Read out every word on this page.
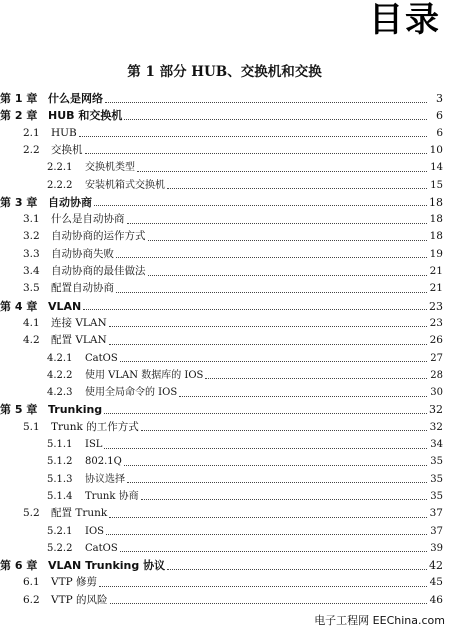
目录
第 1 部分 HUB、交换机和交换
第 1 章 什么是网络	3
第 2 章 HUB 和交换机	6
2.1	HUB	6
2.2	交换机	10
2.2.1	交换机类型	14
2.2.2	安装机箱式交换机	15
第 3 章 自动协商	18
3.1	什么是自动协商	18
3.2	自动协商的运作方式	18
3.3	自动协商失败	19
3.4	自动协商的最佳做法	21
3.5	配置自动协商	21
第 4 章 VLAN	23
4.1	连接 VLAN	23
4.2	配置 VLAN	26
4.2.1	CatOS	27
4.2.2	使用 VLAN 数据库的 IOS	28
4.2.3	使用全局命令的 IOS	30
第 5 章 Trunking	32
5.1	Trunk 的工作方式	32
5.1.1	ISL	34
5.1.2	802.1Q	35
5.1.3	协议选择	35
5.1.4	Trunk 协商	35
5.2	配置 Trunk	37
5.2.1	IOS	37
5.2.2	CatOS	39
第 6 章 VLAN Trunking 协议	42
6.1	VTP 修剪	45
6.2	VTP 的风险	46
电子工程网 EEChina.com
